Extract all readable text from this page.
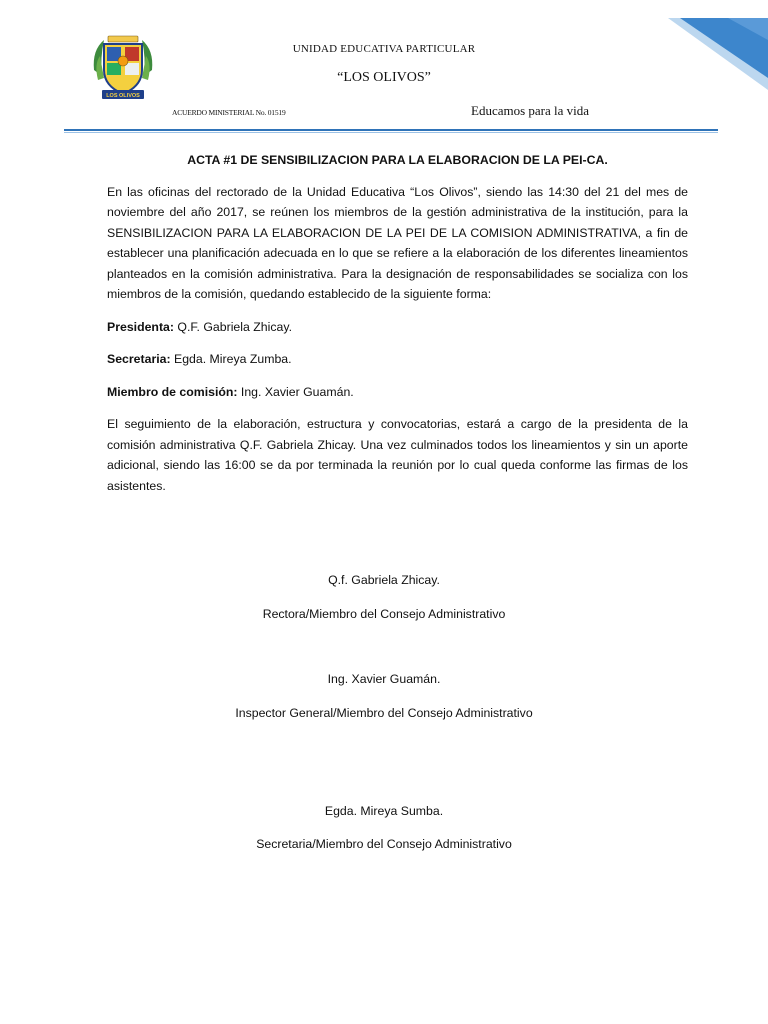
LOS OLIVOS
UNIDAD EDUCATIVA PARTICULAR
“LOS OLIVOS”
ACUERDO MINISTERIAL No. 01519	Educamos para la vida
ACTA #1 DE SENSIBILIZACION PARA LA ELABORACION DE LA PEI-CA.

En las oficinas del rectorado de la Unidad Educativa “Los Olivos”, siendo las 14:30 del 21 del mes de noviembre del año 2017, se reúnen los miembros de la gestión administrativa de la institución, para la SENSIBILIZACION PARA LA ELABORACION DE LA PEI DE LA COMISION ADMINISTRATIVA, a fin de establecer una planificación adecuada en lo que se refiere a la elaboración de los diferentes lineamientos planteados en la comisión administrativa. Para la designación de responsabilidades se socializa con los miembros de la comisión, quedando establecido de la siguiente forma:

Presidenta: Q.F. Gabriela Zhicay.
Secretaria: Egda. Mireya Zumba.
Miembro de comisión: Ing. Xavier Guamán.

El seguimiento de la elaboración, estructura y convocatorias, estará a cargo de la presidenta de la comisión administrativa Q.F. Gabriela Zhicay. Una vez culminados todos los lineamientos y sin un aporte adicional, siendo las 16:00 se da por terminada la reunión por lo cual queda conforme las firmas de los asistentes.

Q.f. Gabriela Zhicay.
Rectora/Miembro del Consejo Administrativo
Ing. Xavier Guamán.
Inspector General/Miembro del Consejo Administrativo
Egda. Mireya Sumba.
Secretaria/Miembro del Consejo Administrativo
